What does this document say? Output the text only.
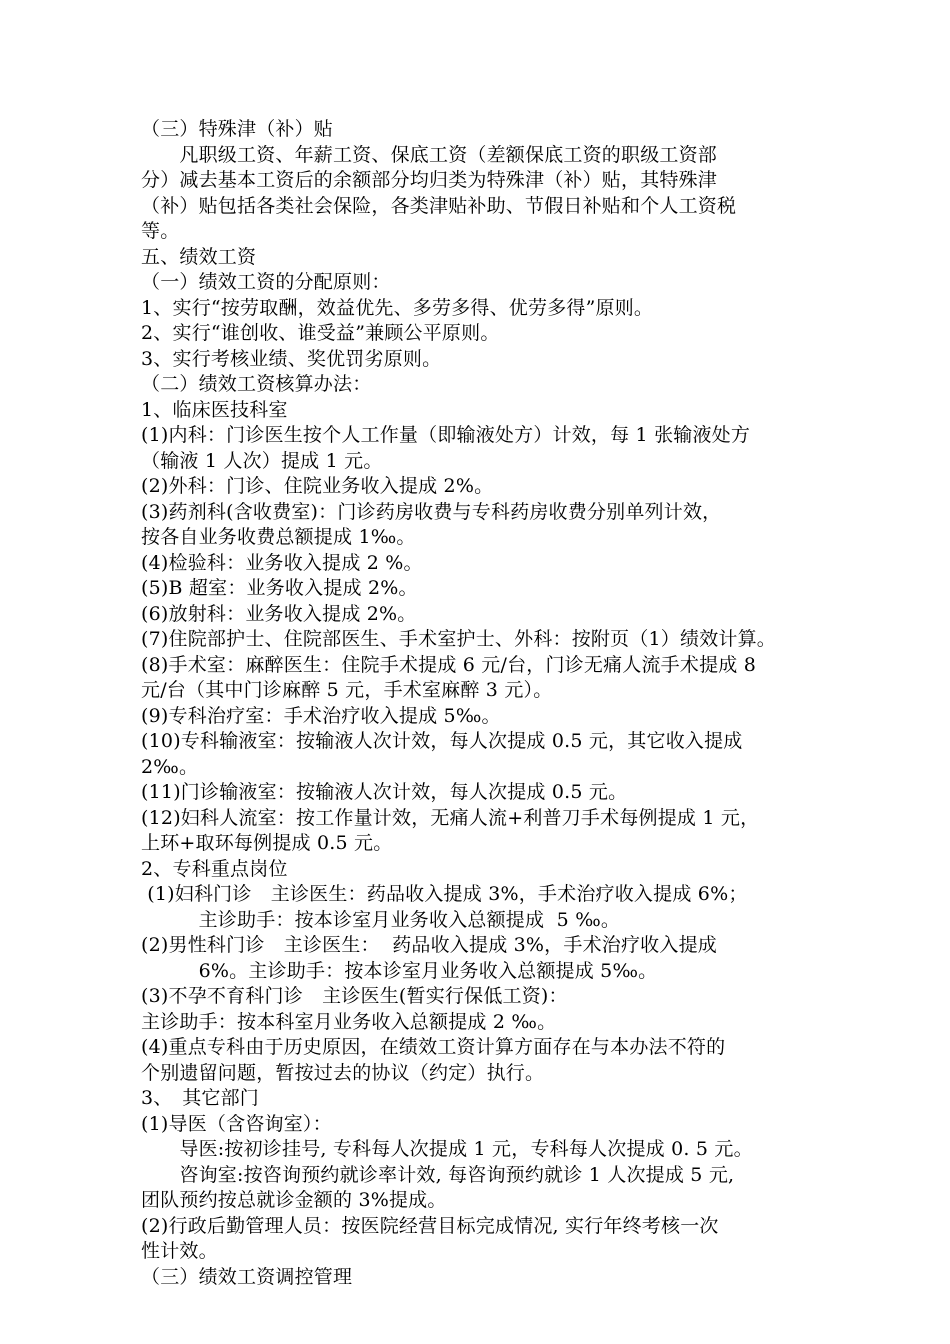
（三）特殊津（补）贴
　　凡职级工资、年薪工资、保底工资（差额保底工资的职级工资部
分）减去基本工资后的余额部分均归类为特殊津（补）贴，其特殊津
（补）贴包括各类社会保险，各类津贴补助、节假日补贴和个人工资税
等。
五、绩效工资
（一）绩效工资的分配原则：
1、实行“按劳取酬，效益优先、多劳多得、优劳多得”原则。
2、实行“谁创收、谁受益”兼顾公平原则。
3、实行考核业绩、奖优罚劣原则。
（二）绩效工资核算办法：
1、临床医技科室
(1)内科：门诊医生按个人工作量（即输液处方）计效，每 1 张输液处方
（输液 1 人次）提成 1 元。
(2)外科：门诊、住院业务收入提成 2%。
(3)药剂科(含收费室)：门诊药房收费与专科药房收费分别单列计效，
按各自业务收费总额提成 1‰。
(4)检验科：业务收入提成 2 %。
(5)B 超室：业务收入提成 2%。
(6)放射科：业务收入提成 2%。
(7)住院部护士、住院部医生、手术室护士、外科：按附页（1）绩效计算。
(8)手术室：麻醉医生：住院手术提成 6 元/台，门诊无痛人流手术提成 8
元/台（其中门诊麻醉 5 元，手术室麻醉 3 元）。
(9)专科治疗室：手术治疗收入提成 5‰。
(10)专科输液室：按输液人次计效，每人次提成 0.5 元，其它收入提成
2‰。
(11)门诊输液室：按输液人次计效，每人次提成 0.5 元。
(12)妇科人流室：按工作量计效，无痛人流+利普刀手术每例提成 1 元，
上环+取环每例提成 0.5 元。
2、专科重点岗位
(1)妇科门诊　主诊医生：药品收入提成 3%，手术治疗收入提成 6%；
　　　主诊助手：按本诊室月业务收入总额提成  5 ‰。
(2)男性科门诊　主诊医生：  药品收入提成 3%，手术治疗收入提成
　　　6%。主诊助手：按本诊室月业务收入总额提成 5‰。
(3)不孕不育科门诊　主诊医生(暂实行保低工资)：
主诊助手：按本科室月业务收入总额提成 2 ‰。
(4)重点专科由于历史原因，在绩效工资计算方面存在与本办法不符的
个别遗留问题，暂按过去的协议（约定）执行。
3、　其它部门
(1)导医（含咨询室）：
　　导医:按初诊挂号, 专科每人次提成 1 元，专科每人次提成 0. 5 元。
　　咨询室:按咨询预约就诊率计效, 每咨询预约就诊 1 人次提成 5 元,
团队预约按总就诊金额的 3%提成。
(2)行政后勤管理人员：按医院经营目标完成情况, 实行年终考核一次
性计效。
（三）绩效工资调控管理
